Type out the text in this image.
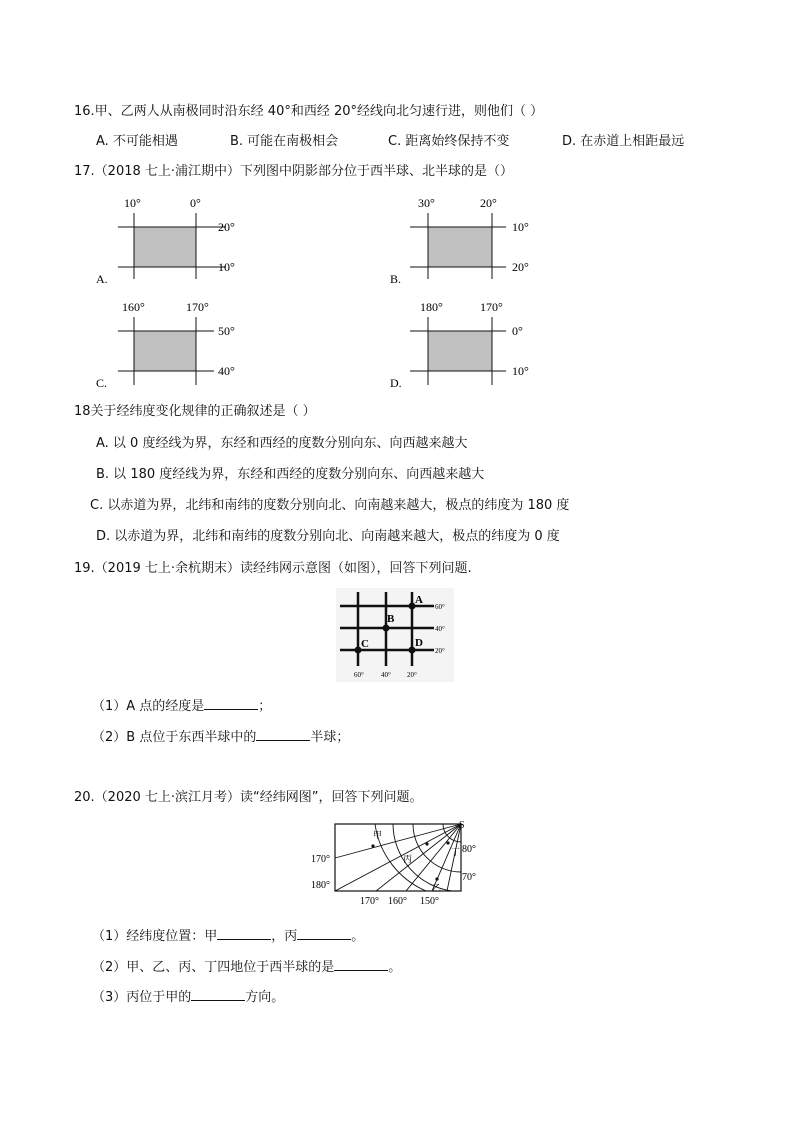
16.甲、乙两人从南极同时沿东经 40°和西经 20°经线向北匀速行进，则他们（ ）
A. 不可能相遇	B. 可能在南极相会	C. 距离始终保持不变	D. 在赤道上相距最远
17.（2018 七上·浦江期中）下列图中阴影部分位于西半球、北半球的是（）
10°	0°
20°
10°
A.
30°	20°
10°
20°
B.
160°	170°
50°
40°
C.
180°	170°
0°
10°
D.
18关于经纬度变化规律的正确叙述是（ ）
A. 以 0 度经线为界，东经和西经的度数分别向东、向西越来越大
B. 以 180 度经线为界，东经和西经的度数分别向东、向西越来越大
C. 以赤道为界，北纬和南纬的度数分别向北、向南越来越大，极点的纬度为 180 度
D. 以赤道为界，北纬和南纬的度数分别向北、向南越来越大，极点的纬度为 0 度
19.（2019 七上·余杭期末）读经纬网示意图（如图），回答下列问题.
A
B
C	D
60°
40°
20°
60° 40° 20°
（1）A 点的经度是	；
（2）B 点位于东西半球中的	半球；
20.（2020 七上·滨江月考）读“经纬网图”，回答下列问题。
甲
乙
丙
丁
S
170°
180°
80°
70°
170° 160° 150°
（1）经纬度位置：甲	，丙	。
（2）甲、乙、丙、丁四地位于西半球的是	。
（3）丙位于甲的	方向。
